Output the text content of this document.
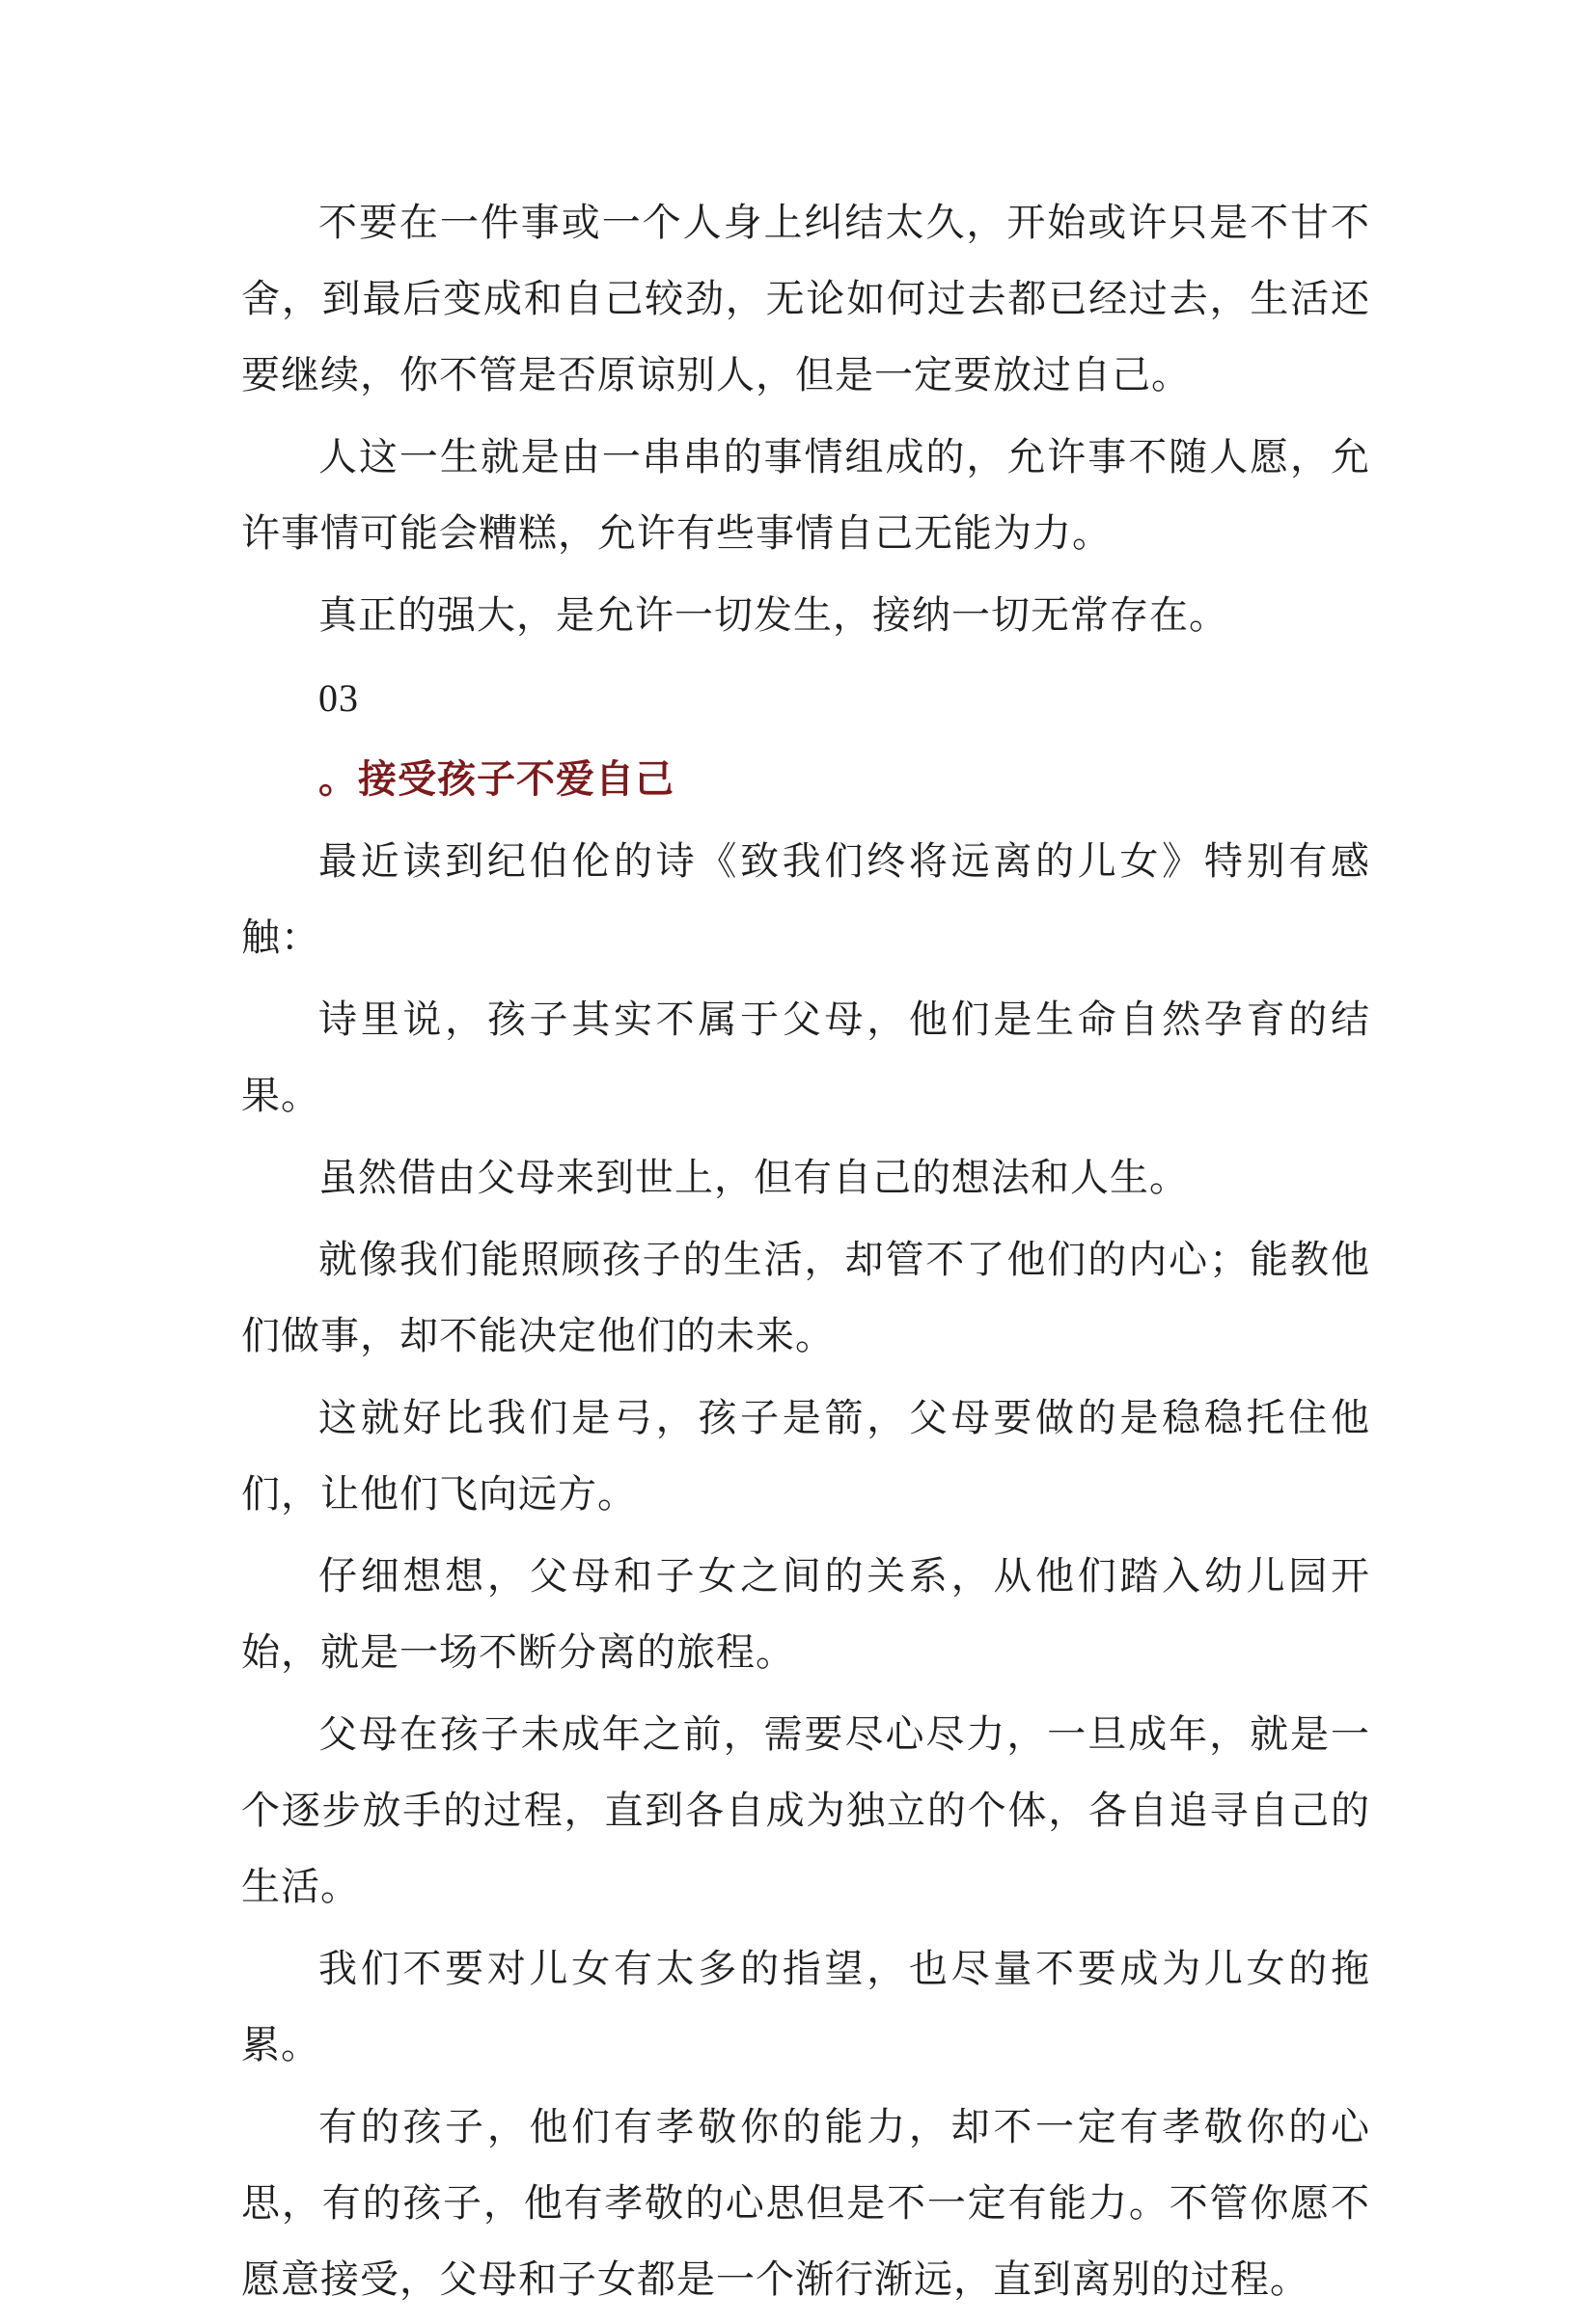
不要在一件事或一个人身上纠结太久，开始或许只是不甘不舍，到最后变成和自己较劲，无论如何过去都已经过去，生活还要继续，你不管是否原谅别人，但是一定要放过自己。

人这一生就是由一串串的事情组成的，允许事不随人愿，允许事情可能会糟糕，允许有些事情自己无能为力。

真正的强大，是允许一切发生，接纳一切无常存在。

03

。接受孩子不爱自己

最近读到纪伯伦的诗《致我们终将远离的儿女》特别有感触：

诗里说，孩子其实不属于父母，他们是生命自然孕育的结果。

虽然借由父母来到世上，但有自己的想法和人生。

就像我们能照顾孩子的生活，却管不了他们的内心；能教他们做事，却不能决定他们的未来。

这就好比我们是弓，孩子是箭，父母要做的是稳稳托住他们，让他们飞向远方。

仔细想想，父母和子女之间的关系，从他们踏入幼儿园开始，就是一场不断分离的旅程。

父母在孩子未成年之前，需要尽心尽力，一旦成年，就是一个逐步放手的过程，直到各自成为独立的个体，各自追寻自己的生活。

我们不要对儿女有太多的指望，也尽量不要成为儿女的拖累。

有的孩子，他们有孝敬你的能力，却不一定有孝敬你的心思，有的孩子，他有孝敬的心思但是不一定有能力。不管你愿不愿意接受，父母和子女都是一个渐行渐远，直到离别的过程。
